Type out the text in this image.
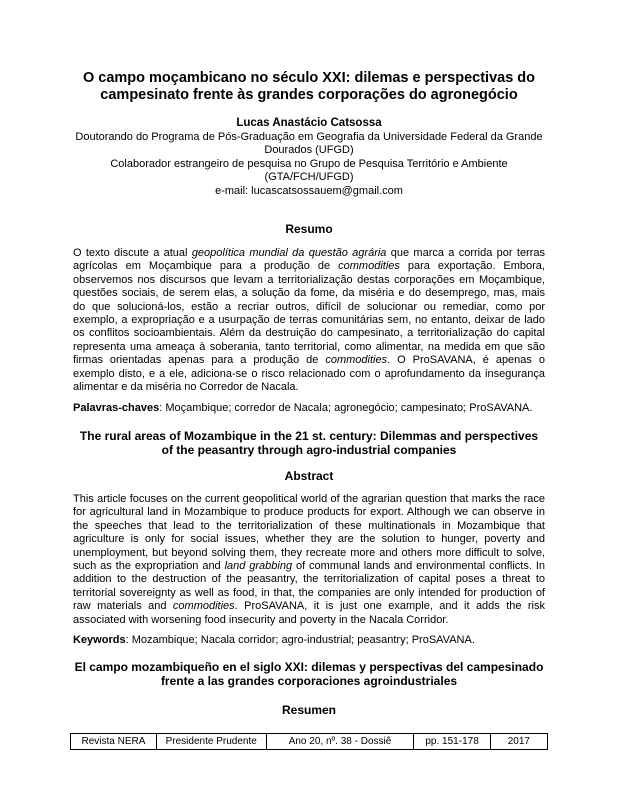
O campo moçambicano no século XXI: dilemas e perspectivas do
campesinato frente às grandes corporações do agronegócio
Lucas Anastácio Catsossa
Doutorando do Programa de Pós-Graduação em Geografia da Universidade Federal da Grande
Dourados (UFGD)
Colaborador estrangeiro de pesquisa no Grupo de Pesquisa Território e Ambiente
(GTA/FCH/UFGD)
e-mail: lucascatsossauem@gmail.com
Resumo
O texto discute a atual geopolítica mundial da questão agrária que marca a corrida por terras
agrícolas em Moçambique para a produção de commodities para exportação. Embora,
observemos nos discursos que levam a territorialização destas corporações em Moçambique,
questões sociais, de serem elas, a solução da fome, da miséria e do desemprego, mas, mais
do que solucioná-los, estão a recriar outros, difícil de solucionar ou remediar, como por
exemplo, a expropriação e a usurpação de terras comunitárias sem, no entanto, deixar de lado
os conflitos socioambientais. Além da destruição do campesinato, a territorialização do capital
representa uma ameaça à soberania, tanto territorial, como alimentar, na medida em que são
firmas orientadas apenas para a produção de commodities. O ProSAVANA, é apenas o
exemplo disto, e a ele, adiciona-se o risco relacionado com o aprofundamento da insegurança
alimentar e da miséria no Corredor de Nacala.
Palavras-chaves: Moçambique; corredor de Nacala; agronegócio; campesinato; ProSAVANA.
The rural areas of Mozambique in the 21 st. century: Dilemmas and perspectives
of the peasantry through agro-industrial companies
Abstract
This article focuses on the current geopolitical world of the agrarian question that marks the race
for agricultural land in Mozambique to produce products for export. Although we can observe in
the speeches that lead to the territorialization of these multinationals in Mozambique that
agriculture is only for social issues, whether they are the solution to hunger, poverty and
unemployment, but beyond solving them, they recreate more and others more difficult to solve,
such as the expropriation and land grabbing of communal lands and environmental conflicts. In
addition to the destruction of the peasantry, the territorialization of capital poses a threat to
territorial sovereignty as well as food, in that, the companies are only intended for production of
raw materials and commodities. ProSAVANA, it is just one example, and it adds the risk
associated with worsening food insecurity and poverty in the Nacala Corridor.
Keywords: Mozambique; Nacala corridor; agro-industrial; peasantry; ProSAVANA.
El campo mozambiqueño en el siglo XXI: dilemas y perspectivas del campesinado
frente a las grandes corporaciones agroindustriales
Resumen
Revista NERA	Presidente Prudente	Ano 20, nº. 38 - Dossiê	pp. 151-178	2017
